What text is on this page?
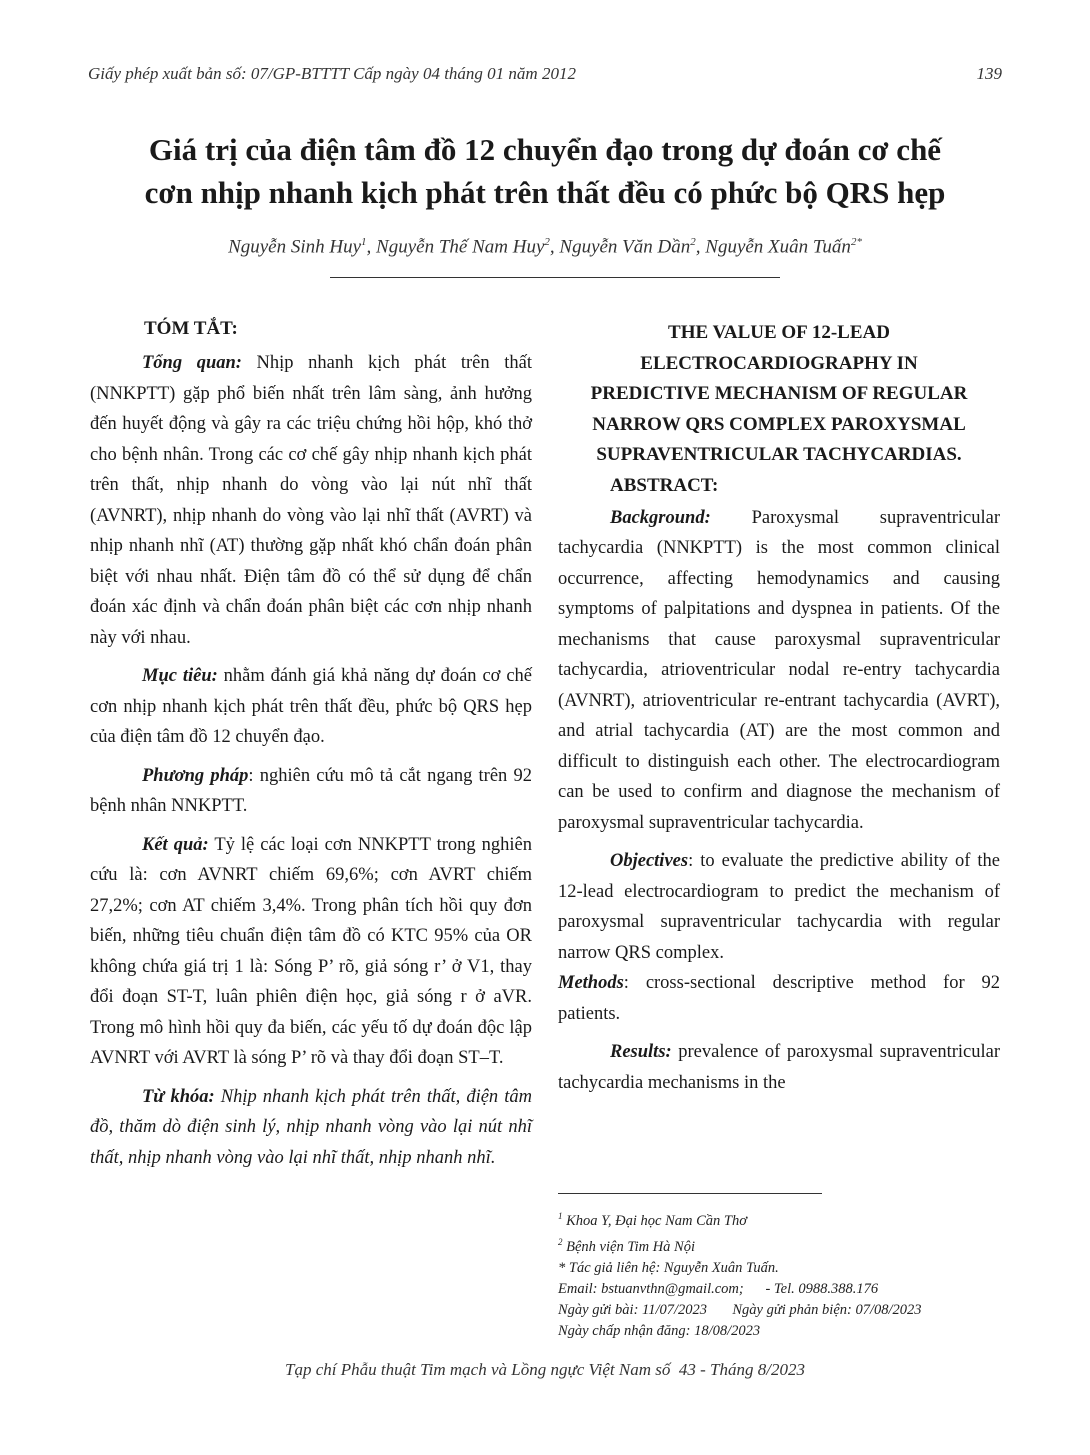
Giấy phép xuất bản số: 07/GP-BTTTT Cấp ngày 04 tháng 01 năm 2012	139
Giá trị của điện tâm đồ 12 chuyển đạo trong dự đoán cơ chế
cơn nhịp nhanh kịch phát trên thất đều có phức bộ QRS hẹp
Nguyễn Sinh Huy$^1$, Nguyễn Thế Nam Huy$^2$, Nguyễn Văn Dần$^2$, Nguyễn Xuân Tuấn$^{2*}$
TÓM TẮT:

Tổng quan: Nhịp nhanh kịch phát trên thất (NNKPTT) gặp phổ biến nhất trên lâm sàng, ảnh hưởng đến huyết động và gây ra các triệu chứng hồi hộp, khó thở cho bệnh nhân. Trong các cơ chế gây nhịp nhanh kịch phát trên thất, nhịp nhanh do vòng vào lại nút nhĩ thất (AVNRT), nhịp nhanh do vòng vào lại nhĩ thất (AVRT) và nhịp nhanh nhĩ (AT) thường gặp nhất khó chẩn đoán phân biệt với nhau nhất. Điện tâm đồ có thể sử dụng để chẩn đoán xác định và chẩn đoán phân biệt các cơn nhịp nhanh này với nhau.

Mục tiêu: nhằm đánh giá khả năng dự đoán cơ chế cơn nhịp nhanh kịch phát trên thất đều, phức bộ QRS hẹp của điện tâm đồ 12 chuyển đạo.

Phương pháp: nghiên cứu mô tả cắt ngang trên 92 bệnh nhân NNKPTT.

Kết quả: Tỷ lệ các loại cơn NNKPTT trong nghiên cứu là: cơn AVNRT chiếm 69,6%; cơn AVRT chiếm 27,2%; cơn AT chiếm 3,4%. Trong phân tích hồi quy đơn biến, những tiêu chuẩn điện tâm đồ có KTC 95% của OR không chứa giá trị 1 là: Sóng P’ rõ, giả sóng r’ ở V1, thay đổi đoạn ST-T, luân phiên điện học, giả sóng r ở aVR. Trong mô hình hồi quy đa biến, các yếu tố dự đoán độc lập AVNRT với AVRT là sóng P’ rõ và thay đổi đoạn ST–T.

Từ khóa: Nhịp nhanh kịch phát trên thất, điện tâm đồ, thăm dò điện sinh lý, nhịp nhanh vòng vào lại nút nhĩ thất, nhịp nhanh vòng vào lại nhĩ thất, nhịp nhanh nhĩ.

THE VALUE OF 12-LEAD
ELECTROCARDIOGRAPHY IN
PREDICTIVE MECHANISM OF REGULAR
NARROW QRS COMPLEX PAROXYSMAL
SUPRAVENTRICULAR TACHYCARDIAS.
ABSTRACT:

Background: Paroxysmal supraventricular tachycardia (NNKPTT) is the most common clinical occurrence, affecting hemodynamics and causing symptoms of palpitations and dyspnea in patients. Of the mechanisms that cause paroxysmal supraventricular tachycardia, atrioventricular nodal re-entry tachycardia (AVNRT), atrioventricular re-entrant tachycardia (AVRT), and atrial tachycardia (AT) are the most common and difficult to distinguish each other. The electrocardiogram can be used to confirm and diagnose the mechanism of paroxysmal supraventricular tachycardia.

Objectives: to evaluate the predictive ability of the 12-lead electrocardiogram to predict the mechanism of paroxysmal supraventricular tachycardia with regular narrow QRS complex.
Methods: cross-sectional descriptive method for 92 patients.

Results: prevalence of paroxysmal supraventricular tachycardia mechanisms in the

$^1$ Khoa Y, Đại học Nam Cần Thơ
$^2$ Bệnh viện Tim Hà Nội
* Tác giả liên hệ: Nguyễn Xuân Tuấn.
Email: bstuanvthn@gmail.com;      - Tel. 0988.388.176
Ngày gửi bài: 11/07/2023       Ngày gửi phản biện: 07/08/2023
Ngày chấp nhận đăng: 18/08/2023
Tạp chí Phẫu thuật Tim mạch và Lồng ngực Việt Nam số  43 - Tháng 8/2023
